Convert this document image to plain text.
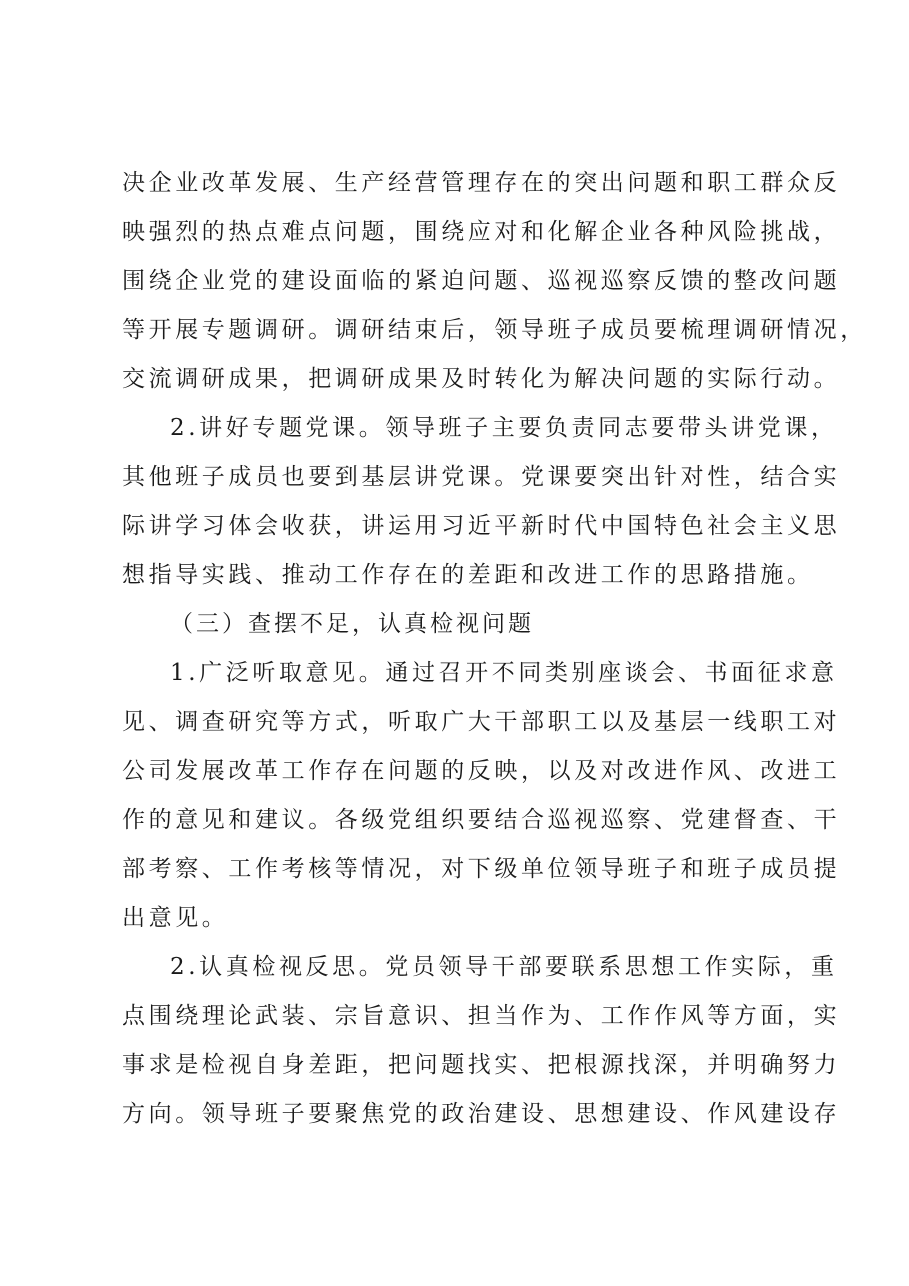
决企业改革发展、生产经营管理存在的突出问题和职工群众反
映强烈的热点难点问题，围绕应对和化解企业各种风险挑战，
围绕企业党的建设面临的紧迫问题、巡视巡察反馈的整改问题
等开展专题调研。调研结束后，领导班子成员要梳理调研情况，
交流调研成果，把调研成果及时转化为解决问题的实际行动。
2.讲好专题党课。领导班子主要负责同志要带头讲党课，
其他班子成员也要到基层讲党课。党课要突出针对性，结合实
际讲学习体会收获，讲运用习近平新时代中国特色社会主义思
想指导实践、推动工作存在的差距和改进工作的思路措施。
（三）查摆不足，认真检视问题
1.广泛听取意见。通过召开不同类别座谈会、书面征求意
见、调查研究等方式，听取广大干部职工以及基层一线职工对
公司发展改革工作存在问题的反映，以及对改进作风、改进工
作的意见和建议。各级党组织要结合巡视巡察、党建督查、干
部考察、工作考核等情况，对下级单位领导班子和班子成员提
出意见。
2.认真检视反思。党员领导干部要联系思想工作实际，重
点围绕理论武装、宗旨意识、担当作为、工作作风等方面，实
事求是检视自身差距，把问题找实、把根源找深，并明确努力
方向。领导班子要聚焦党的政治建设、思想建设、作风建设存
